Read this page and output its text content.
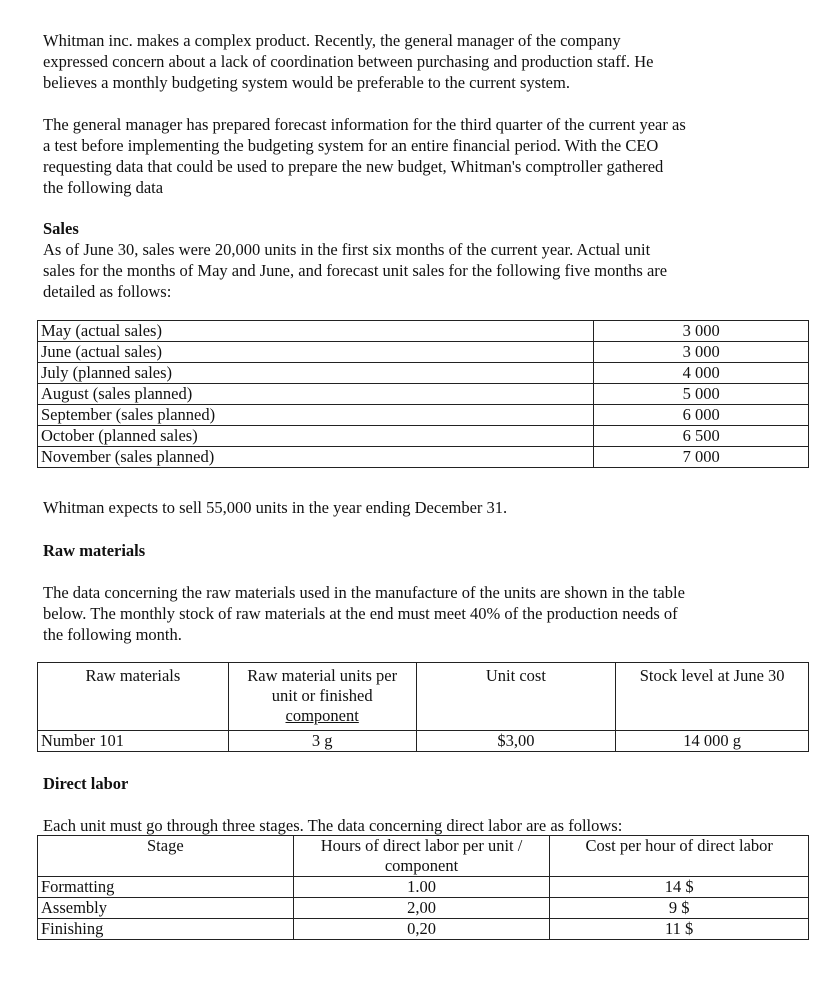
Whitman inc. makes a complex product. Recently, the general manager of the company
expressed concern about a lack of coordination between purchasing and production staff. He
believes a monthly budgeting system would be preferable to the current system.
The general manager has prepared forecast information for the third quarter of the current year as
a test before implementing the budgeting system for an entire financial period. With the CEO
requesting data that could be used to prepare the new budget, Whitman's comptroller gathered
the following data
Sales
As of June 30, sales were 20,000 units in the first six months of the current year. Actual unit
sales for the months of May and June, and forecast unit sales for the following five months are
detailed as follows:
May (actual sales)	3 000
June (actual sales)	3 000
July (planned sales)	4 000
August (sales planned)	5 000
September (sales planned)	6 000
October (planned sales)	6 500
November (sales planned)	7 000
Whitman expects to sell 55,000 units in the year ending December 31.
Raw materials
The data concerning the raw materials used in the manufacture of the units are shown in the table
below. The monthly stock of raw materials at the end must meet 40% of the production needs of
the following month.
Raw materials	Raw material units per
unit or finished
component	Unit cost	Stock level at June 30
Number 101	3 g	$3,00	14 000 g
Direct labor
Each unit must go through three stages. The data concerning direct labor are as follows:
Stage	Hours of direct labor per unit /
component	Cost per hour of direct labor
Formatting	1.00	14 $
Assembly	2,00	9 $
Finishing	0,20	11 $
